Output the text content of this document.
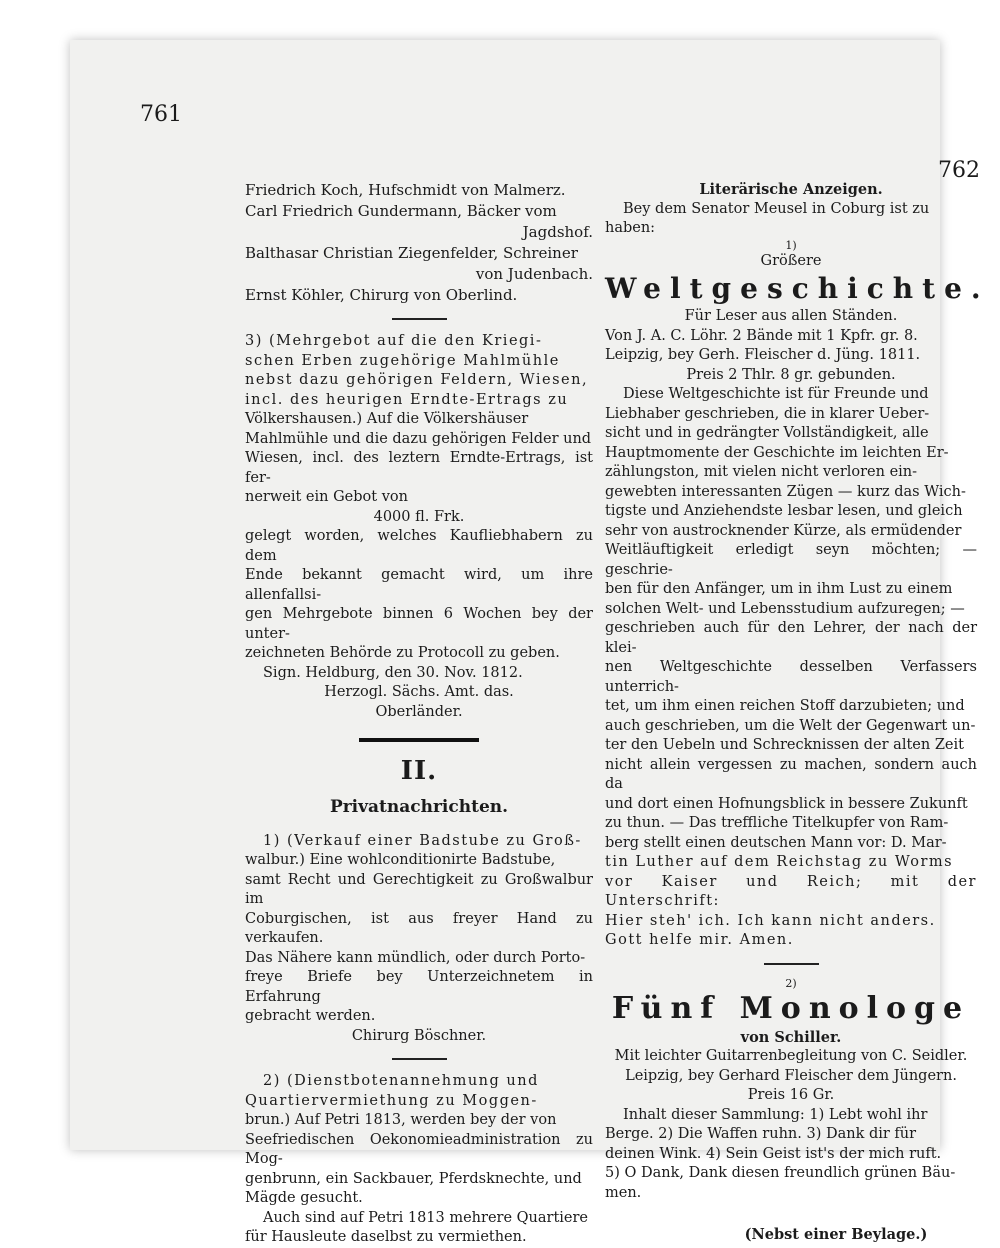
761
762

Friedrich Koch, Hufschmidt von Malmerz.

Carl Friedrich Gundermann, Bäcker vom

Jagdshof.

Balthasar Christian Ziegenfelder, Schreiner

von Judenbach.

Ernst Köhler, Chirurg von Oberlind.

3) (Mehrgebot auf die den Kriegi-

schen Erben zugehörige Mahlmühle

nebst dazu gehörigen Feldern, Wiesen,

incl. des heurigen Erndte-Ertrags zu

Völkershausen.) Auf die Völkershäuser

Mahlmühle und die dazu gehörigen Felder und

Wiesen, incl. des leztern Erndte-Ertrags, ist fer-

nerweit ein Gebot von

4000 fl. Frk.

gelegt worden, welches Kaufliebhabern zu dem

Ende bekannt gemacht wird, um ihre allenfallsi-

gen Mehrgebote binnen 6 Wochen bey der unter-

zeichneten Behörde zu Protocoll zu geben.

Sign. Heldburg, den 30. Nov. 1812.

Herzogl. Sächs. Amt. das.

Oberländer.

II.

Privatnachrichten.

1) (Verkauf einer Badstube zu Groß-

walbur.) Eine wohlconditionirte Badstube,

samt Recht und Gerechtigkeit zu Großwalbur im

Coburgischen, ist aus freyer Hand zu verkaufen.

Das Nähere kann mündlich, oder durch Porto-

freye Briefe bey Unterzeichnetem in Erfahrung

gebracht werden.

Chirurg Böschner.

2) (Dienstbotenannehmung und

Quartiervermiethung zu Moggen-

brun.) Auf Petri 1813, werden bey der von

Seefriedischen Oekonomieadministration zu Mog-

genbrunn, ein Sackbauer, Pferdsknechte, und

Mägde gesucht.

Auch sind auf Petri 1813 mehrere Quartiere

für Hausleute daselbst zu vermiethen.

Literärische Anzeigen.

Bey dem Senator Meusel in Coburg ist zu

haben:

1)

Größere

Weltgeschichte.

Für Leser aus allen Ständen.

Von J. A. C. Löhr. 2 Bände mit 1 Kpfr. gr. 8.

Leipzig, bey Gerh. Fleischer d. Jüng. 1811.

Preis 2 Thlr. 8 gr. gebunden.

Diese Weltgeschichte ist für Freunde und

Liebhaber geschrieben, die in klarer Ueber-

sicht und in gedrängter Vollständigkeit, alle

Hauptmomente der Geschichte im leichten Er-

zählungston, mit vielen nicht verloren ein-

gewebten interessanten Zügen — kurz das Wich-

tigste und Anziehendste lesbar lesen, und gleich

sehr von austrocknender Kürze, als ermüdender

Weitläuftigkeit erledigt seyn möchten; — geschrie-

ben für den Anfänger, um in ihm Lust zu einem

solchen Welt- und Lebensstudium aufzuregen; —

geschrieben auch für den Lehrer, der nach der klei-

nen Weltgeschichte desselben Verfassers unterrich-

tet, um ihm einen reichen Stoff darzubieten; und

auch geschrieben, um die Welt der Gegenwart un-

ter den Uebeln und Schrecknissen der alten Zeit

nicht allein vergessen zu machen, sondern auch da

und dort einen Hofnungsblick in bessere Zukunft

zu thun. — Das treffliche Titelkupfer von Ram-

berg stellt einen deutschen Mann vor: D. Mar-

tin Luther auf dem Reichstag zu Worms

vor Kaiser und Reich; mit der Unterschrift:

Hier steh' ich. Ich kann nicht anders.

Gott helfe mir. Amen.

2)

Fünf Monologe

von Schiller.

Mit leichter Guitarrenbegleitung von C. Seidler.

Leipzig, bey Gerhard Fleischer dem Jüngern.

Preis 16 Gr.

Inhalt dieser Sammlung: 1) Lebt wohl ihr

Berge. 2) Die Waffen ruhn. 3) Dank dir für

deinen Wink. 4) Sein Geist ist's der mich ruft.

5) O Dank, Dank diesen freundlich grünen Bäu-

men.

(Nebst einer Beylage.)
